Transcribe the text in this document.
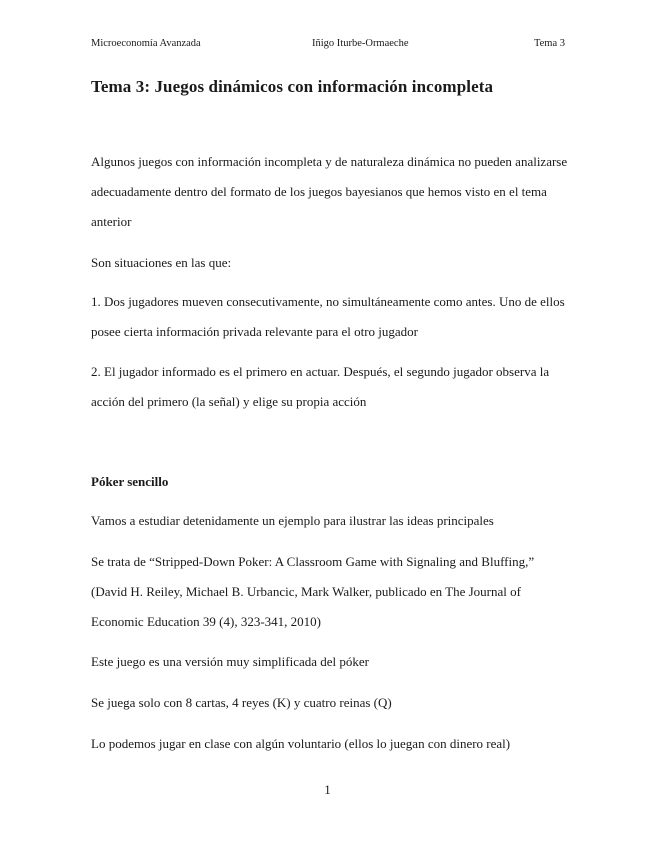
Microeconomía Avanzada	Iñigo Iturbe-Ormaeche	Tema 3
Tema 3: Juegos dinámicos con información incompleta

Algunos juegos con información incompleta y de naturaleza dinámica no pueden analizarse adecuadamente dentro del formato de los juegos bayesianos que hemos visto en el tema anterior

Son situaciones en las que:

1. Dos jugadores mueven consecutivamente, no simultáneamente como antes. Uno de ellos posee cierta información privada relevante para el otro jugador

2. El jugador informado es el primero en actuar. Después, el segundo jugador observa la acción del primero (la señal) y elige su propia acción

Póker sencillo

Vamos a estudiar detenidamente un ejemplo para ilustrar las ideas principales

Se trata de “Stripped-Down Poker: A Classroom Game with Signaling and Bluffing,” (David H. Reiley, Michael B. Urbancic, Mark Walker, publicado en The Journal of Economic Education 39 (4), 323-341, 2010)

Este juego es una versión muy simplificada del póker

Se juega solo con 8 cartas, 4 reyes (K) y cuatro reinas (Q)

Lo podemos jugar en clase con algún voluntario (ellos lo juegan con dinero real)

1
